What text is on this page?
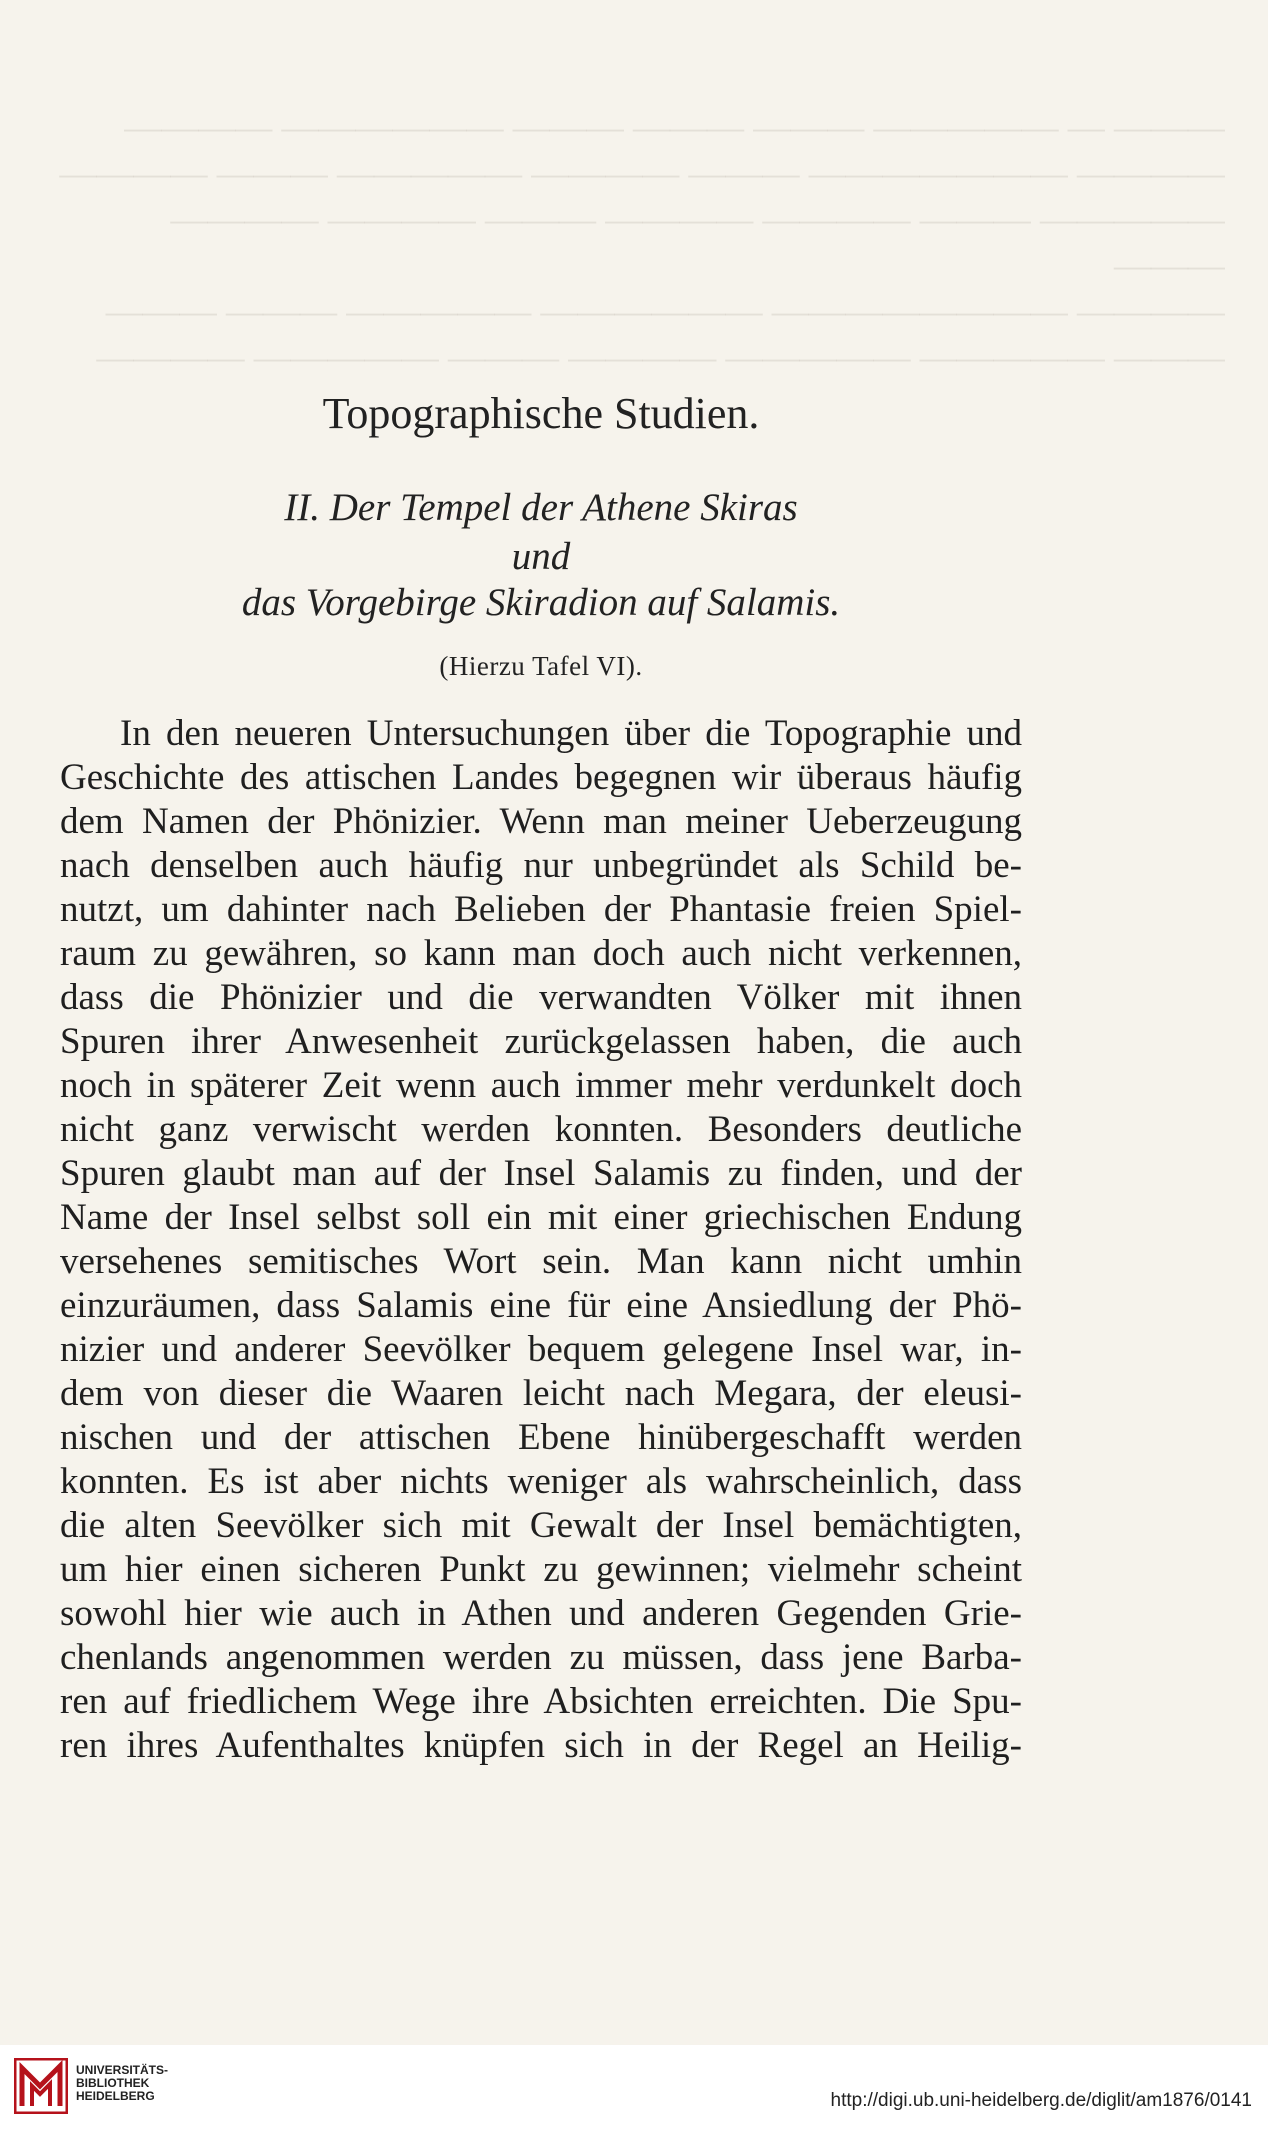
——— — ————— ——— ——— ——— —————— ————
———— ——————— ——— ———— ————— ——— ————
————— ——— ———— ———— ——— ———— ———— ———
———— ———————— —————— ————— ——— ———
——— ————— ————— ———— ——— ————— ————
Topographische Studien.
II. Der Tempel der Athene Skiras
und
das Vorgebirge Skiradion auf Salamis.
(Hierzu Tafel VI).
In den neueren Untersuchungen über die Topographie und
Geschichte des attischen Landes begegnen wir überaus häufig
dem Namen der Phönizier. Wenn man meiner Ueberzeugung
nach denselben auch häufig nur unbegründet als Schild be-
nutzt, um dahinter nach Belieben der Phantasie freien Spiel-
raum zu gewähren, so kann man doch auch nicht verkennen,
dass die Phönizier und die verwandten Völker mit ihnen
Spuren ihrer Anwesenheit zurückgelassen haben, die auch
noch in späterer Zeit wenn auch immer mehr verdunkelt doch
nicht ganz verwischt werden konnten. Besonders deutliche
Spuren glaubt man auf der Insel Salamis zu finden, und der
Name der Insel selbst soll ein mit einer griechischen Endung
versehenes semitisches Wort sein. Man kann nicht umhin
einzuräumen, dass Salamis eine für eine Ansiedlung der Phö-
nizier und anderer Seevölker bequem gelegene Insel war, in-
dem von dieser die Waaren leicht nach Megara, der eleusi-
nischen und der attischen Ebene hinübergeschafft werden
konnten. Es ist aber nichts weniger als wahrscheinlich, dass
die alten Seevölker sich mit Gewalt der Insel bemächtigten,
um hier einen sicheren Punkt zu gewinnen; vielmehr scheint
sowohl hier wie auch in Athen und anderen Gegenden Grie-
chenlands angenommen werden zu müssen, dass jene Barba-
ren auf friedlichem Wege ihre Absichten erreichten. Die Spu-
ren ihres Aufenthaltes knüpfen sich in der Regel an Heilig-
UNIVERSITÄTS-
BIBLIOTHEK
HEIDELBERG	http://digi.ub.uni-heidelberg.de/diglit/am1876/0141
